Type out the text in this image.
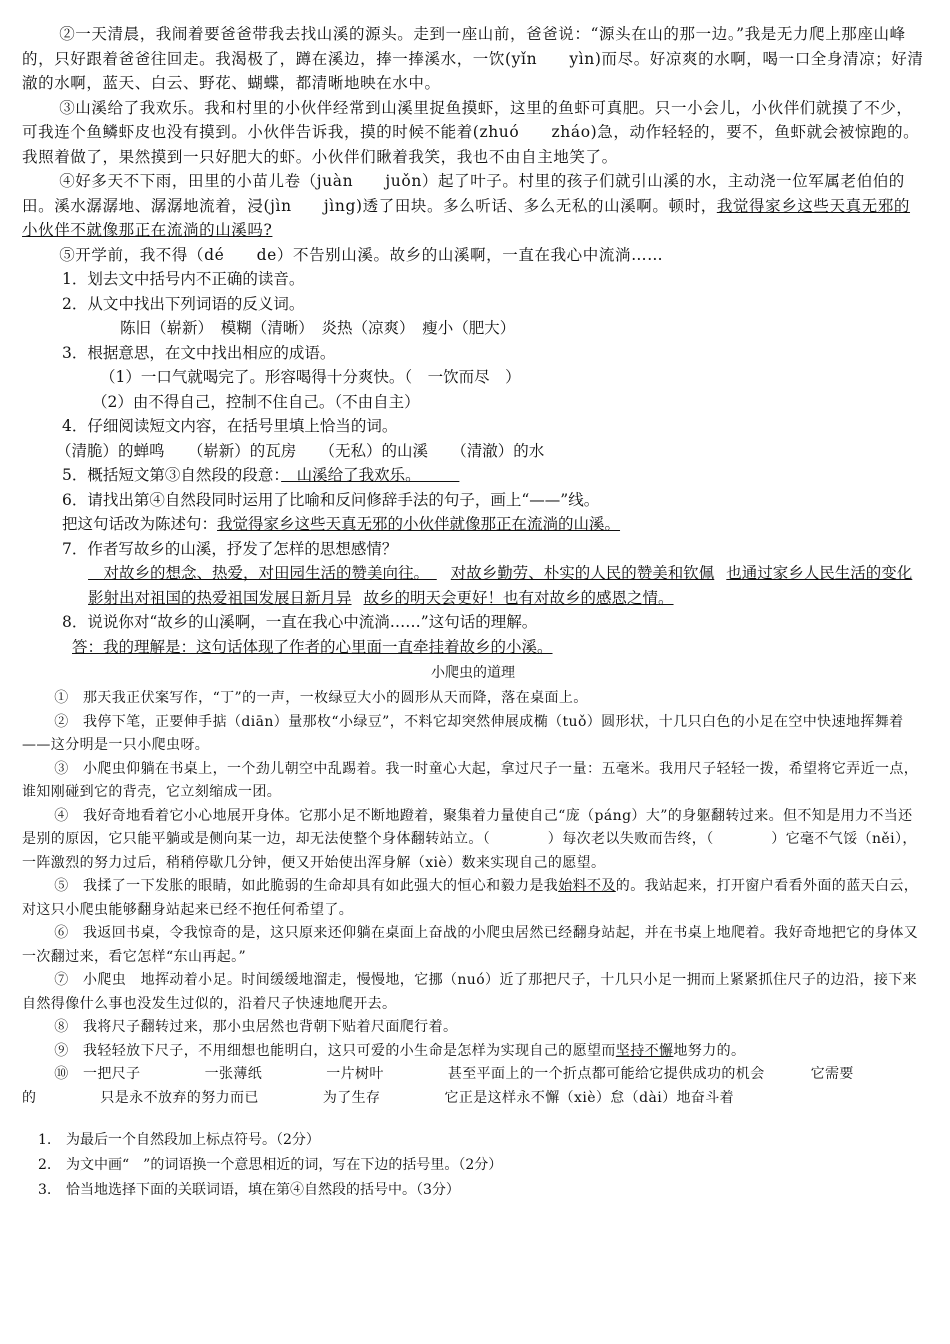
②一天清晨，我闹着要爸爸带我去找山溪的源头。走到一座山前，爸爸说：“源头在山的那一边。”我是无力爬上那座山峰的，只好跟着爸爸往回走。我渴极了，蹲在溪边，捧一捧溪水，一饮(yǐn　　yìn)而尽。好凉爽的水啊，喝一口全身清凉；好清澈的水啊，蓝天、白云、野花、蝴蝶，都清晰地映在水中。
③山溪给了我欢乐。我和村里的小伙伴经常到山溪里捉鱼摸虾，这里的鱼虾可真肥。只一小会儿，小伙伴们就摸了不少，可我连个鱼鳞虾皮也没有摸到。小伙伴告诉我，摸的时候不能着(zhuó　　zháo)急，动作轻轻的，要不，鱼虾就会被惊跑的。我照着做了，果然摸到一只好肥大的虾。小伙伴们瞅着我笑，我也不由自主地笑了。
④好多天不下雨，田里的小苗儿卷（juàn　　juǒn）起了叶子。村里的孩子们就引山溪的水，主动浇一位军属老伯伯的田。溪水潺潺地、潺潺地流着，浸(jìn　　jìng)透了田块。多么听话、多么无私的山溪啊。顿时，我觉得家乡这些天真无邪的小伙伴不就像那正在流淌的山溪吗?
⑤开学前，我不得（dé　　de）不告别山溪。故乡的山溪啊，一直在我心中流淌……
1．划去文中括号内不正确的读音。
2．从文中找出下列词语的反义词。
陈旧（崭新）　模糊（清晰）　炎热（凉爽）　瘦小（肥大）
3．根据意思，在文中找出相应的成语。
（1）一口气就喝完了。形容喝得十分爽快。（　一饮而尽　）
（2）由不得自己，控制不住自己。（不由自主）
4．仔细阅读短文内容，在括号里填上恰当的词。
（清脆）的蝉鸣　　（崭新）的瓦房　　（无私）的山溪　　（清澈）的水
5．概括短文第③自然段的段意：　山溪给了我欢乐。　　　
6．请找出第④自然段同时运用了比喻和反问修辞手法的句子，画上“——”线。
把这句话改为陈述句：我觉得家乡这些天真无邪的小伙伴就像那正在流淌的山溪。
7．作者写故乡的山溪，抒发了怎样的思想感情？
　对故乡的想念、热爱，对田园生活的赞美向往。　对故乡勤劳、朴实的人民的赞美和钦佩 也通过家乡人民生活的变化影射出对祖国的热爱祖国发展日新月异 故乡的明天会更好！也有对故乡的感恩之情。
8．说说你对“故乡的山溪啊，一直在我心中流淌……”这句话的理解。
答：我的理解是：这句话体现了作者的心里面一直牵挂着故乡的小溪。
小爬虫的道理
①　那天我正伏案写作，“丁”的一声，一枚绿豆大小的圆形从天而降，落在桌面上。
②　我停下笔，正要伸手掂（diān）量那枚“小绿豆”，不料它却突然伸展成椭（tuǒ）圆形状，十几只白色的小足在空中快速地挥舞着——这分明是一只小爬虫呀。
③　小爬虫仰躺在书桌上，一个劲儿朝空中乱踢着。我一时童心大起，拿过尺子一量：五毫米。我用尺子轻轻一拨，希望将它弄近一点，谁知刚碰到它的背壳，它立刻缩成一团。
④　我好奇地看着它小心地展开身体。它那小足不断地蹬着，聚集着力量使自己“庞（páng）大”的身躯翻转过来。但不知是用力不当还是别的原因，它只能平躺或是侧向某一边，却无法使整个身体翻转站立。（　　　　）每次老以失败而告终，（　　　　）它毫不气馁（něi），一阵激烈的努力过后，稍稍停歇几分钟，便又开始使出浑身解（xiè）数来实现自己的愿望。
⑤　我揉了一下发胀的眼睛，如此脆弱的生命却具有如此强大的恒心和毅力是我始料不及的。我站起来，打开窗户看看外面的蓝天白云，对这只小爬虫能够翻身站起来已经不抱任何希望了。
⑥　我返回书桌，令我惊奇的是，这只原来还仰躺在桌面上奋战的小爬虫居然已经翻身站起，并在书桌上地爬着。我好奇地把它的身体又一次翻过来，看它怎样“东山再起。”
⑦　小爬虫　地挥动着小足。时间缓缓地溜走，慢慢地，它挪（nuó）近了那把尺子，十几只小足一拥而上紧紧抓住尺子的边沿，接下来自然得像什么事也没发生过似的，沿着尺子快速地爬开去。
⑧　我将尺子翻转过来，那小虫居然也背朝下贴着尺面爬行着。
⑨　我轻轻放下尺子，不用细想也能明白，这只可爱的小生命是怎样为实现自己的愿望而坚持不懈地努力的。
⑩　一把尺子	一张薄纸	一片树叶	甚至平面上的一个折点都可能给它提供成功的机会	它需要
的	只是永不放弃的努力而已	为了生存	它正是这样永不懈（xiè）怠（dài）地奋斗着
1. 为最后一个自然段加上标点符号。（2分）
2. 为文中画“　”的词语换一个意思相近的词，写在下边的括号里。（2分）
3. 恰当地选择下面的关联词语，填在第④自然段的括号中。（3分）
